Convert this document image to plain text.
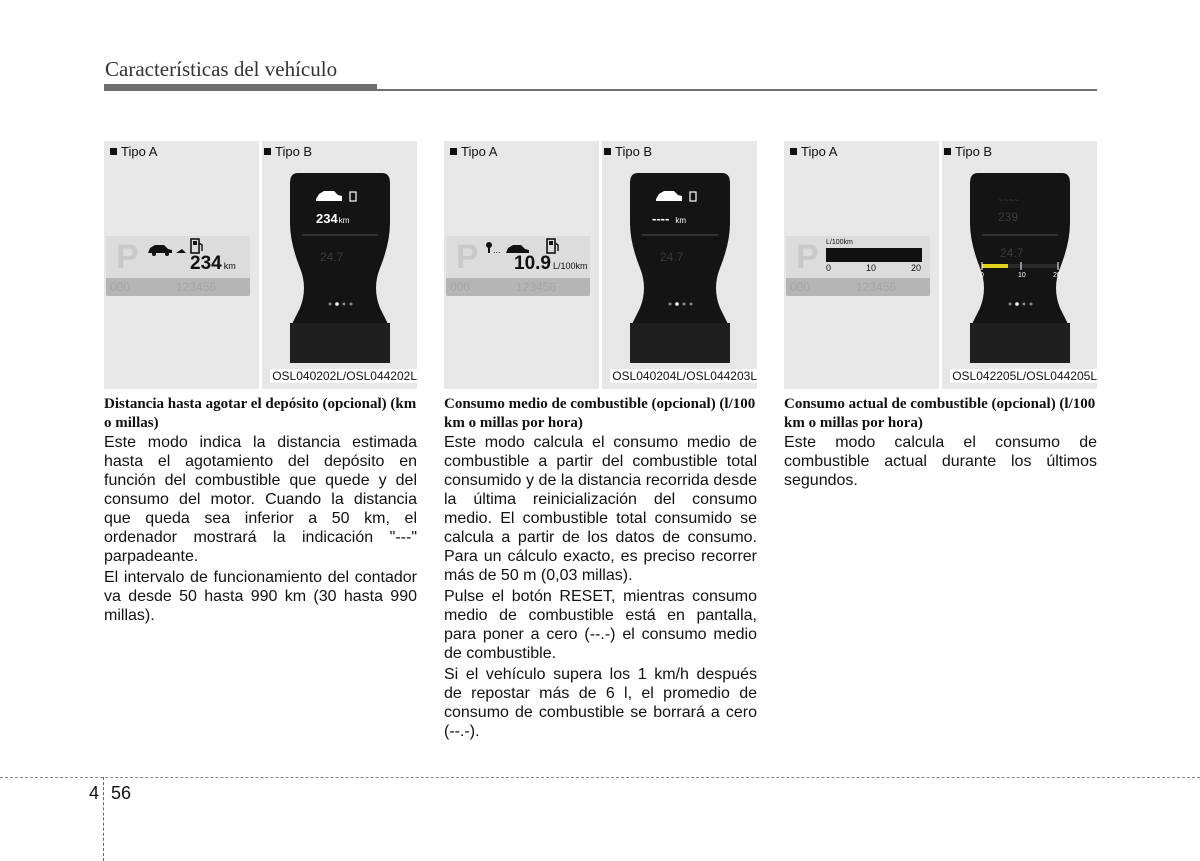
Características del vehículo
P	234 km
000	123456
24.7
234km
Tipo A	Tipo B
OSL040202L/OSL044202L
Distancia hasta agotar el depósito (opcional) (km o millas)

Este modo indica la distancia estimada hasta el agotamiento del depósito en función del combustible que quede y del consumo del motor. Cuando la distancia que queda sea inferior a 50 km, el ordenador mostrará la indicación "---" parpadeante.

El intervalo de funcionamiento del contador va desde 50 hasta 990 km (30 hasta 990 millas).

P ...
10.9 L/100km
000	123456
24.7
---- km
Tipo A	Tipo B
OSL040204L/OSL044203L
Consumo medio de combustible (opcional) (l/100 km o millas por hora)

Este modo calcula el consumo medio de combustible a partir del combustible total consumido y de la distancia recorrida desde la última reinicialización del consumo medio. El combustible total consumido se calcula a partir de los datos de consumo. Para un cálculo exacto, es preciso recorrer más de 50 m (0,03 millas).

Pulse el botón RESET, mientras consumo medio de combustible está en pantalla, para poner a cero (--.-) el consumo medio de combustible.

Si el vehículo supera los 1 km/h después de repostar más de 6 l, el promedio de consumo de combustible se borrará a cero (--.-).

P L/100km
0	10	20
000	123456
~~~~
239
24.7
0	10	20
Tipo A	Tipo B
OSL042205L/OSL044205L
Consumo actual de combustible (opcional) (l/100 km o millas por hora)

Este modo calcula el consumo de combustible actual durante los últimos segundos.

4 56
